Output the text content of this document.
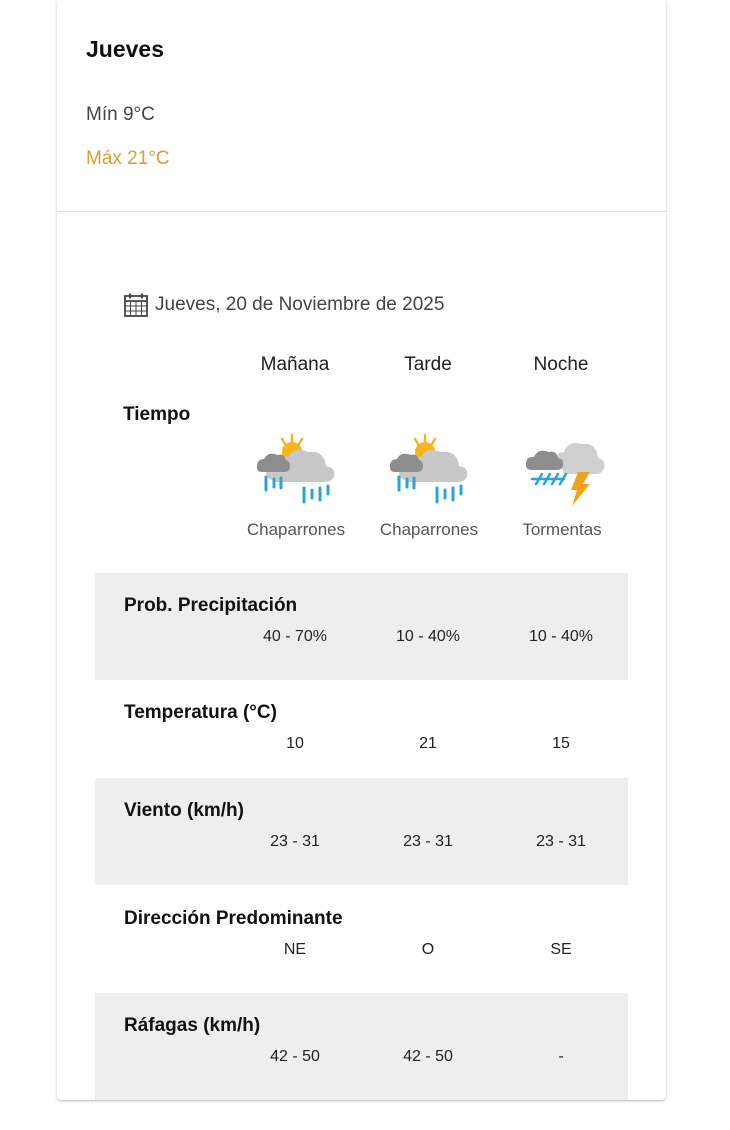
Jueves
Mín 9°C
Máx 21°C
Jueves, 20 de Noviembre de 2025
Mañana	Tarde	Noche
Tiempo
Chaparrones	Chaparrones	Tormentas
Prob. Precipitación
40 - 70%	10 - 40%	10 - 40%
Temperatura (°C)
10	21	15
Viento (km/h)
23 - 31	23 - 31	23 - 31
Dirección Predominante
NE	O	SE
Ráfagas (km/h)
42 - 50	42 - 50	-
